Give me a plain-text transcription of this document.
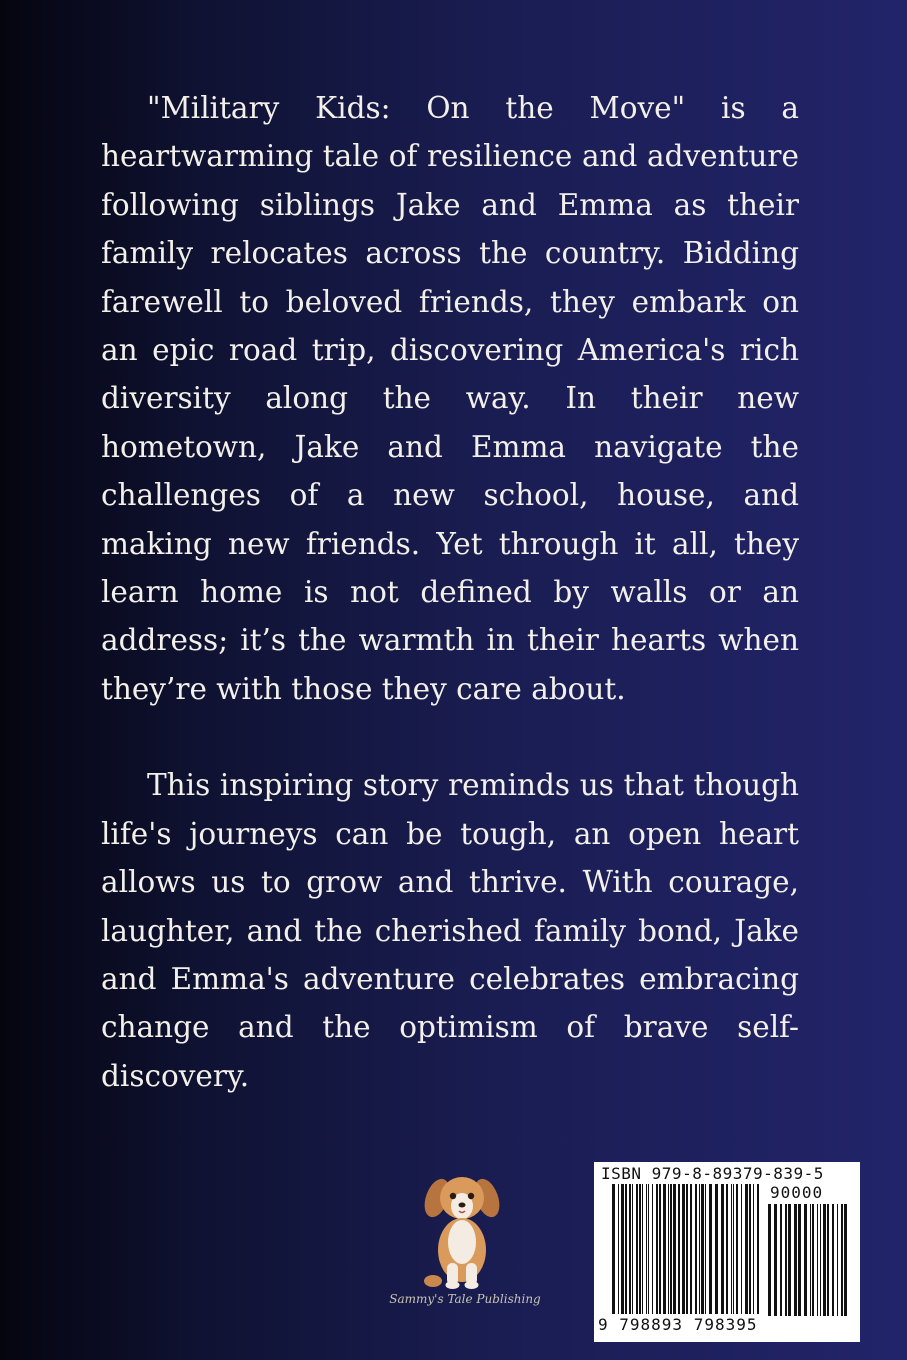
"Military Kids: On the Move" is a heartwarming tale of resilience and adventure following siblings Jake and Emma as their family relocates across the country. Bidding farewell to beloved friends, they embark on an epic road trip, discovering America's rich diversity along the way. In their new hometown, Jake and Emma navigate the challenges of a new school, house, and making new friends. Yet through it all, they learn home is not defined by walls or an address; it’s the warmth in their hearts when they’re with those they care about.

This inspiring story reminds us that though life's journeys can be tough, an open heart allows us to grow and thrive. With courage, laughter, and the cherished family bond, Jake and Emma's adventure celebrates embracing change and the optimism of brave self-discovery.

Sammy's Tale Publishing
ISBN 979-8-89379-839-5
90000
9 798893 798395
